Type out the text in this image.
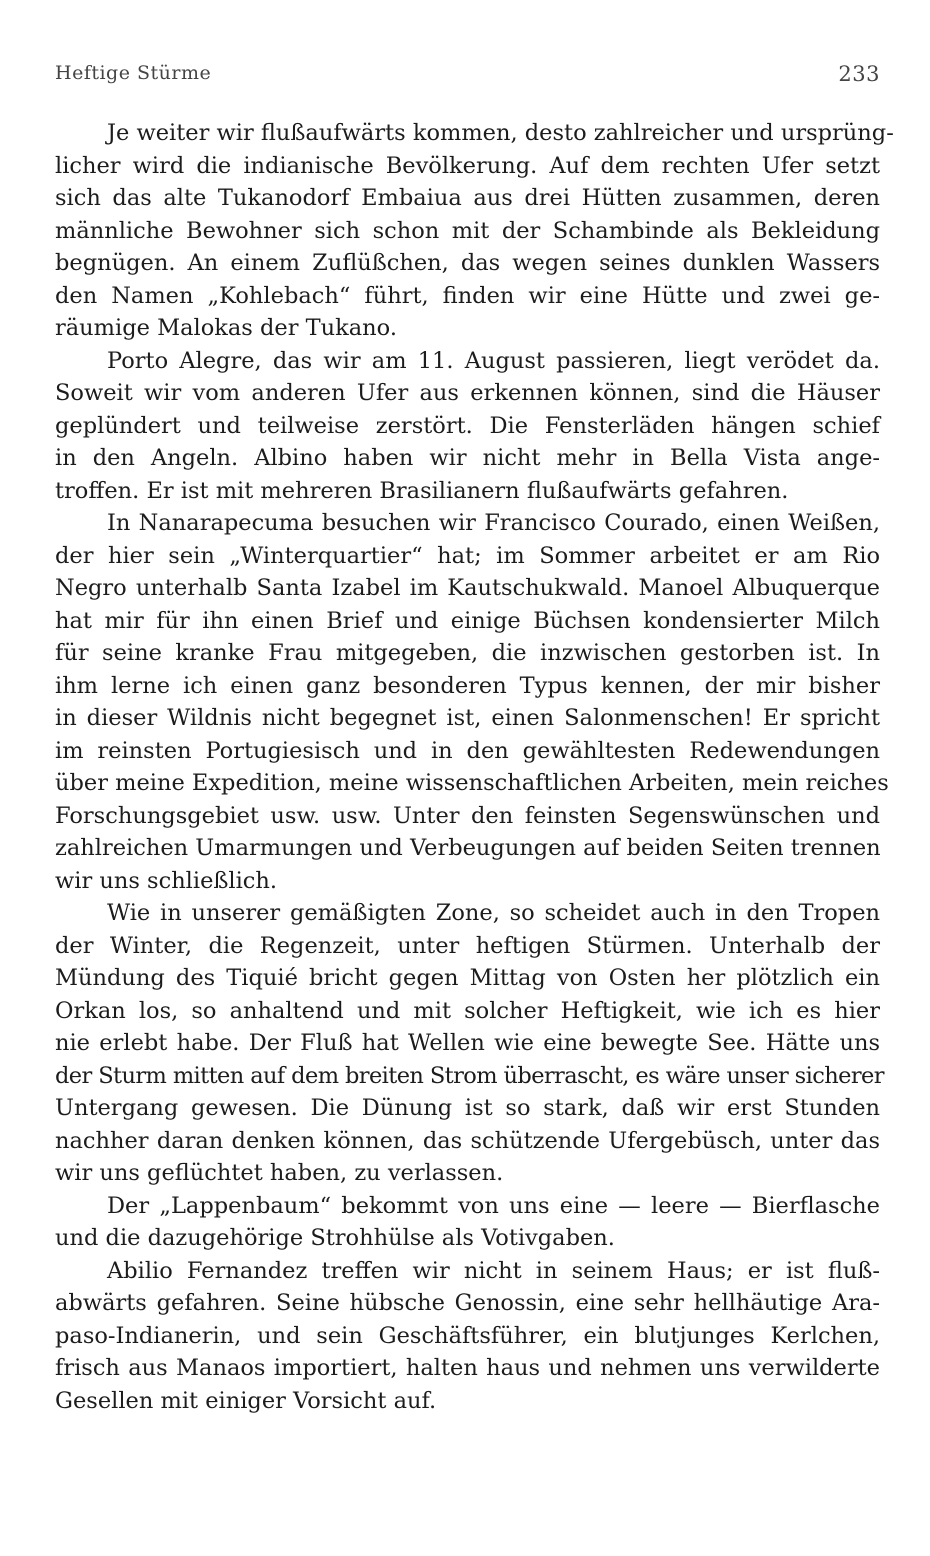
Heftige Stürme	233

Je weiter wir flußaufwärts kommen, desto zahlreicher und ursprüng-
licher wird die indianische Bevölkerung. Auf dem rechten Ufer setzt
sich das alte Tukanodorf Embaiua aus drei Hütten zusammen, deren
männliche Bewohner sich schon mit der Schambinde als Bekleidung
begnügen. An einem Zuflüßchen, das wegen seines dunklen Wassers
den Namen „Kohlebach“ führt, finden wir eine Hütte und zwei ge-
räumige Malokas der Tukano.

Porto Alegre, das wir am 11. August passieren, liegt verödet da.
Soweit wir vom anderen Ufer aus erkennen können, sind die Häuser
geplündert und teilweise zerstört. Die Fensterläden hängen schief
in den Angeln. Albino haben wir nicht mehr in Bella Vista ange-
troffen. Er ist mit mehreren Brasilianern flußaufwärts gefahren.

In Nanarapecuma besuchen wir Francisco Courado, einen Weißen,
der hier sein „Winterquartier“ hat; im Sommer arbeitet er am Rio
Negro unterhalb Santa Izabel im Kautschukwald. Manoel Albuquerque
hat mir für ihn einen Brief und einige Büchsen kondensierter Milch
für seine kranke Frau mitgegeben, die inzwischen gestorben ist. In
ihm lerne ich einen ganz besonderen Typus kennen, der mir bisher
in dieser Wildnis nicht begegnet ist, einen Salonmenschen! Er spricht
im reinsten Portugiesisch und in den gewähltesten Redewendungen
über meine Expedition, meine wissenschaftlichen Arbeiten, mein reiches
Forschungsgebiet usw. usw. Unter den feinsten Segenswünschen und
zahlreichen Umarmungen und Verbeugungen auf beiden Seiten trennen
wir uns schließlich.

Wie in unserer gemäßigten Zone, so scheidet auch in den Tropen
der Winter, die Regenzeit, unter heftigen Stürmen. Unterhalb der
Mündung des Tiquié bricht gegen Mittag von Osten her plötzlich ein
Orkan los, so anhaltend und mit solcher Heftigkeit, wie ich es hier
nie erlebt habe. Der Fluß hat Wellen wie eine bewegte See. Hätte uns
der Sturm mitten auf dem breiten Strom überrascht, es wäre unser sicherer
Untergang gewesen. Die Dünung ist so stark, daß wir erst Stunden
nachher daran denken können, das schützende Ufergebüsch, unter das
wir uns geflüchtet haben, zu verlassen.

Der „Lappenbaum“ bekommt von uns eine — leere — Bierflasche
und die dazugehörige Strohhülse als Votivgaben.

Abilio Fernandez treffen wir nicht in seinem Haus; er ist fluß-
abwärts gefahren. Seine hübsche Genossin, eine sehr hellhäutige Ara-
paso-Indianerin, und sein Geschäftsführer, ein blutjunges Kerlchen,
frisch aus Manaos importiert, halten haus und nehmen uns verwilderte
Gesellen mit einiger Vorsicht auf.
